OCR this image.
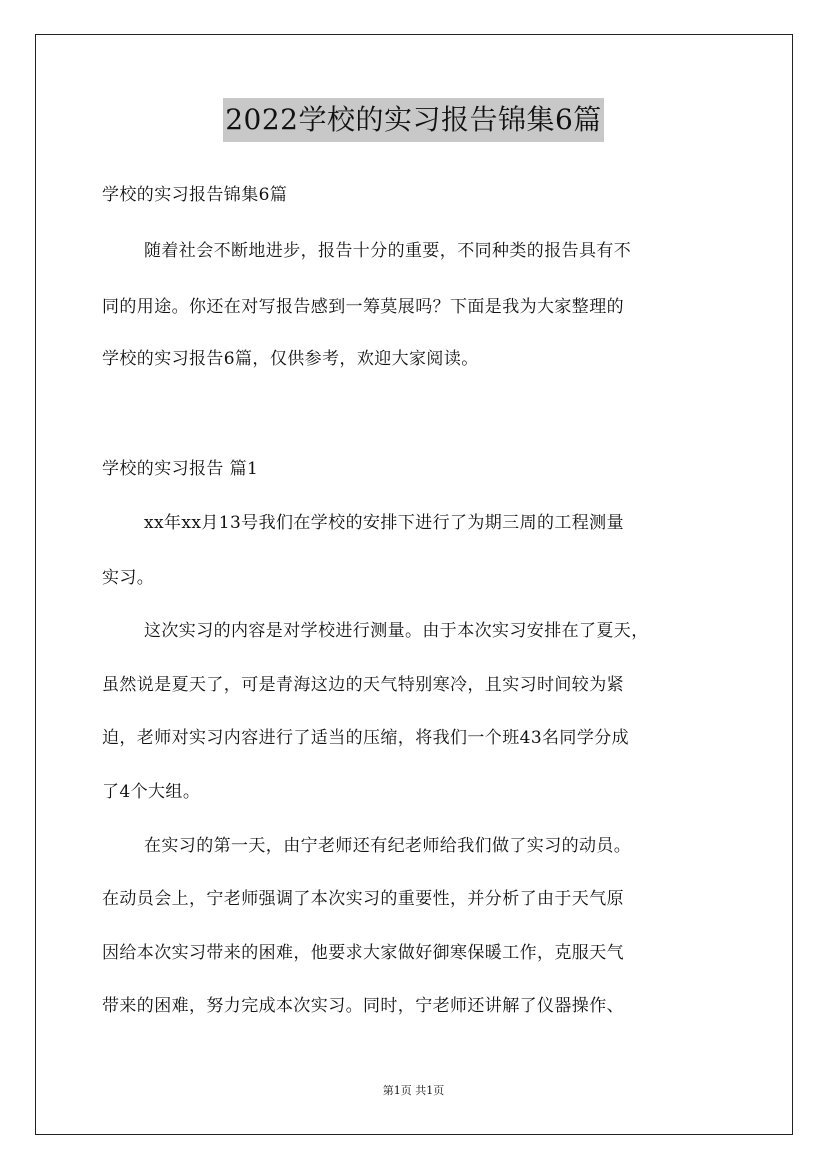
2022学校的实习报告锦集6篇
学校的实习报告锦集6篇
随着社会不断地进步，报告十分的重要，不同种类的报告具有不
同的用途。你还在对写报告感到一筹莫展吗？下面是我为大家整理的
学校的实习报告6篇，仅供参考，欢迎大家阅读。
学校的实习报告 篇1
xx年xx月13号我们在学校的安排下进行了为期三周的工程测量
实习。
这次实习的内容是对学校进行测量。由于本次实习安排在了夏天，
虽然说是夏天了，可是青海这边的天气特别寒冷，且实习时间较为紧
迫，老师对实习内容进行了适当的压缩，将我们一个班43名同学分成
了4个大组。
在实习的第一天，由宁老师还有纪老师给我们做了实习的动员。
在动员会上，宁老师强调了本次实习的重要性，并分析了由于天气原
因给本次实习带来的困难，他要求大家做好御寒保暖工作，克服天气
带来的困难，努力完成本次实习。同时，宁老师还讲解了仪器操作、
第1页 共1页
